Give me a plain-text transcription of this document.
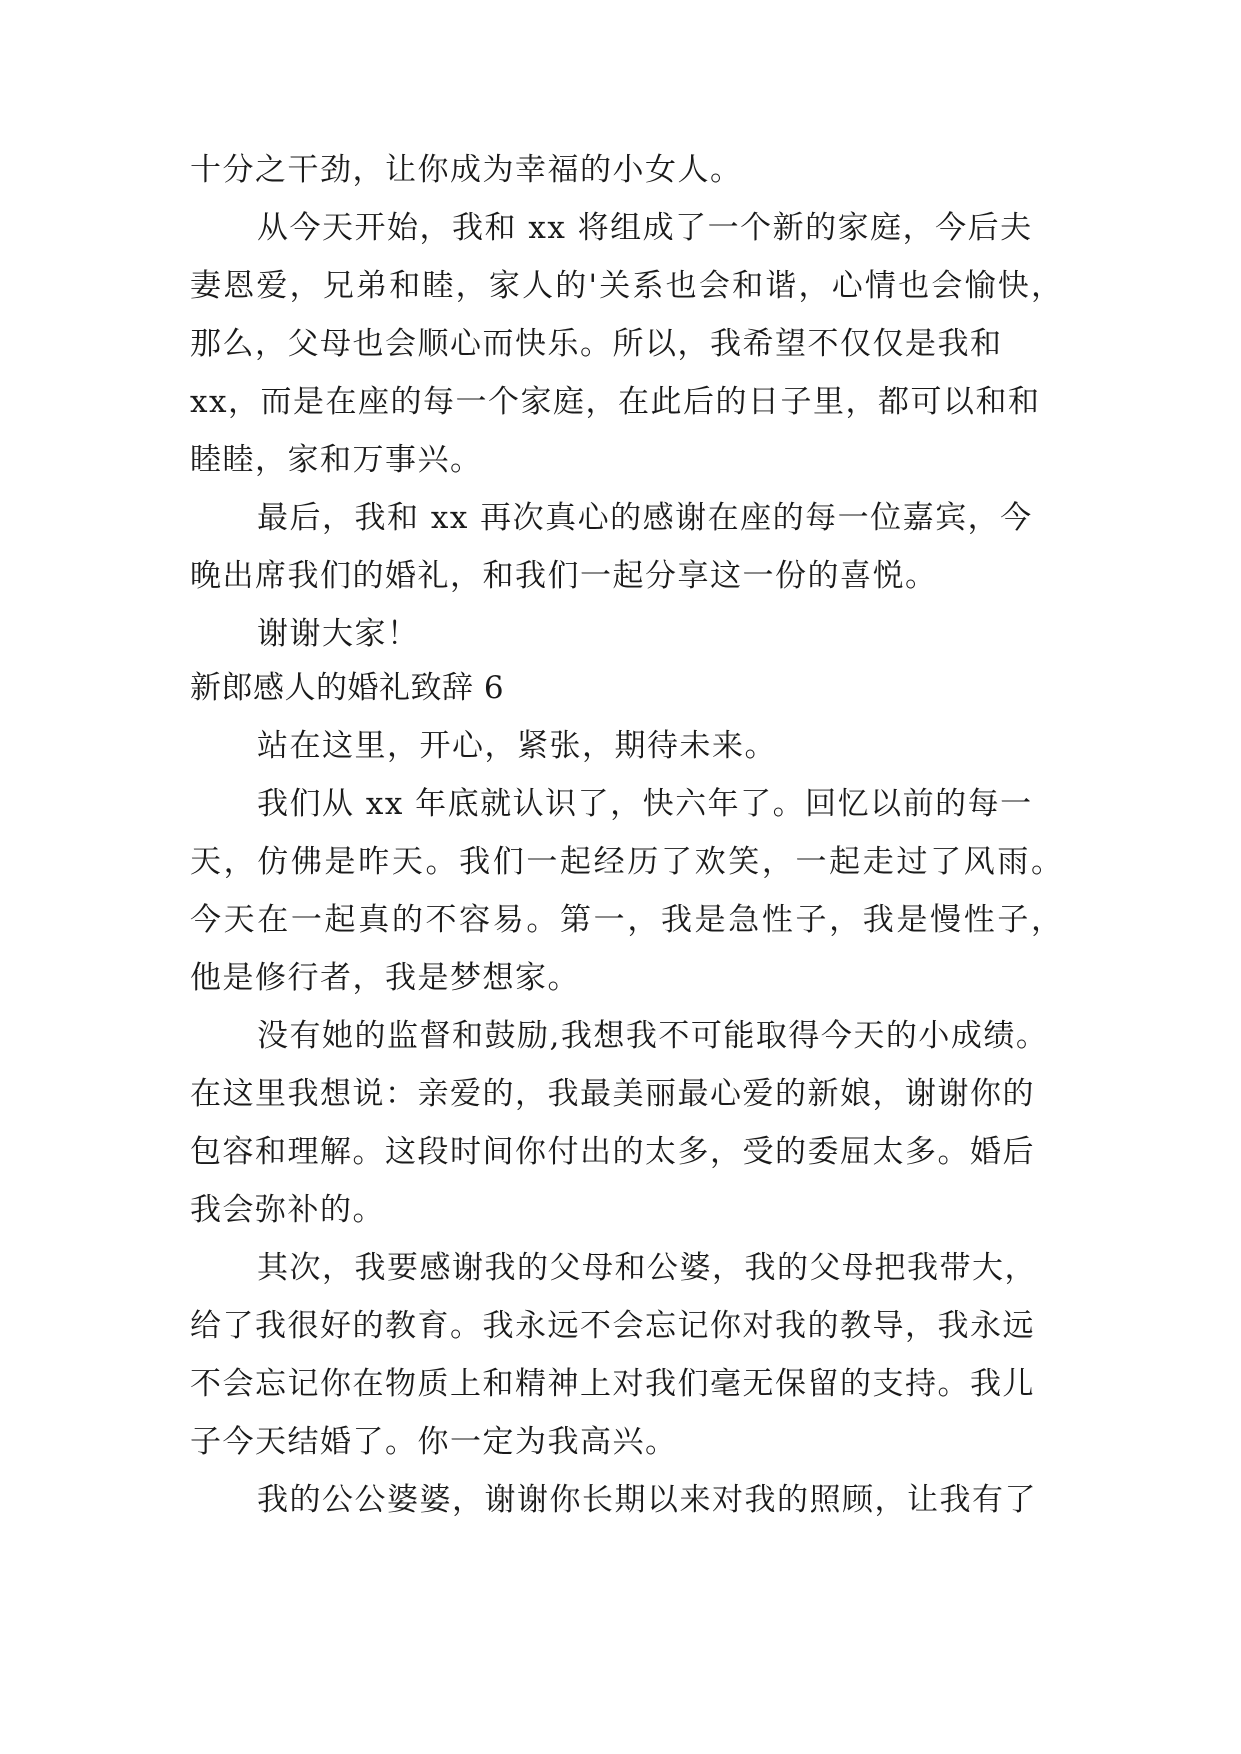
十分之干劲，让你成为幸福的小女人。
从今天开始，我和 xx 将组成了一个新的家庭，今后夫
妻恩爱，兄弟和睦，家人的'关系也会和谐，心情也会愉快，
那么，父母也会顺心而快乐。所以，我希望不仅仅是我和
xx，而是在座的每一个家庭，在此后的日子里，都可以和和
睦睦，家和万事兴。
最后，我和 xx 再次真心的感谢在座的每一位嘉宾，今
晚出席我们的婚礼，和我们一起分享这一份的喜悦。
谢谢大家！
新郎感人的婚礼致辞 6
站在这里，开心，紧张，期待未来。
我们从 xx 年底就认识了，快六年了。回忆以前的每一
天，仿佛是昨天。我们一起经历了欢笑，一起走过了风雨。
今天在一起真的不容易。第一，我是急性子，我是慢性子，
他是修行者，我是梦想家。
没有她的监督和鼓励,我想我不可能取得今天的小成绩。
在这里我想说：亲爱的，我最美丽最心爱的新娘，谢谢你的
包容和理解。这段时间你付出的太多，受的委屈太多。婚后
我会弥补的。
其次，我要感谢我的父母和公婆，我的父母把我带大，
给了我很好的教育。我永远不会忘记你对我的教导，我永远
不会忘记你在物质上和精神上对我们毫无保留的支持。我儿
子今天结婚了。你一定为我高兴。
我的公公婆婆，谢谢你长期以来对我的照顾，让我有了
